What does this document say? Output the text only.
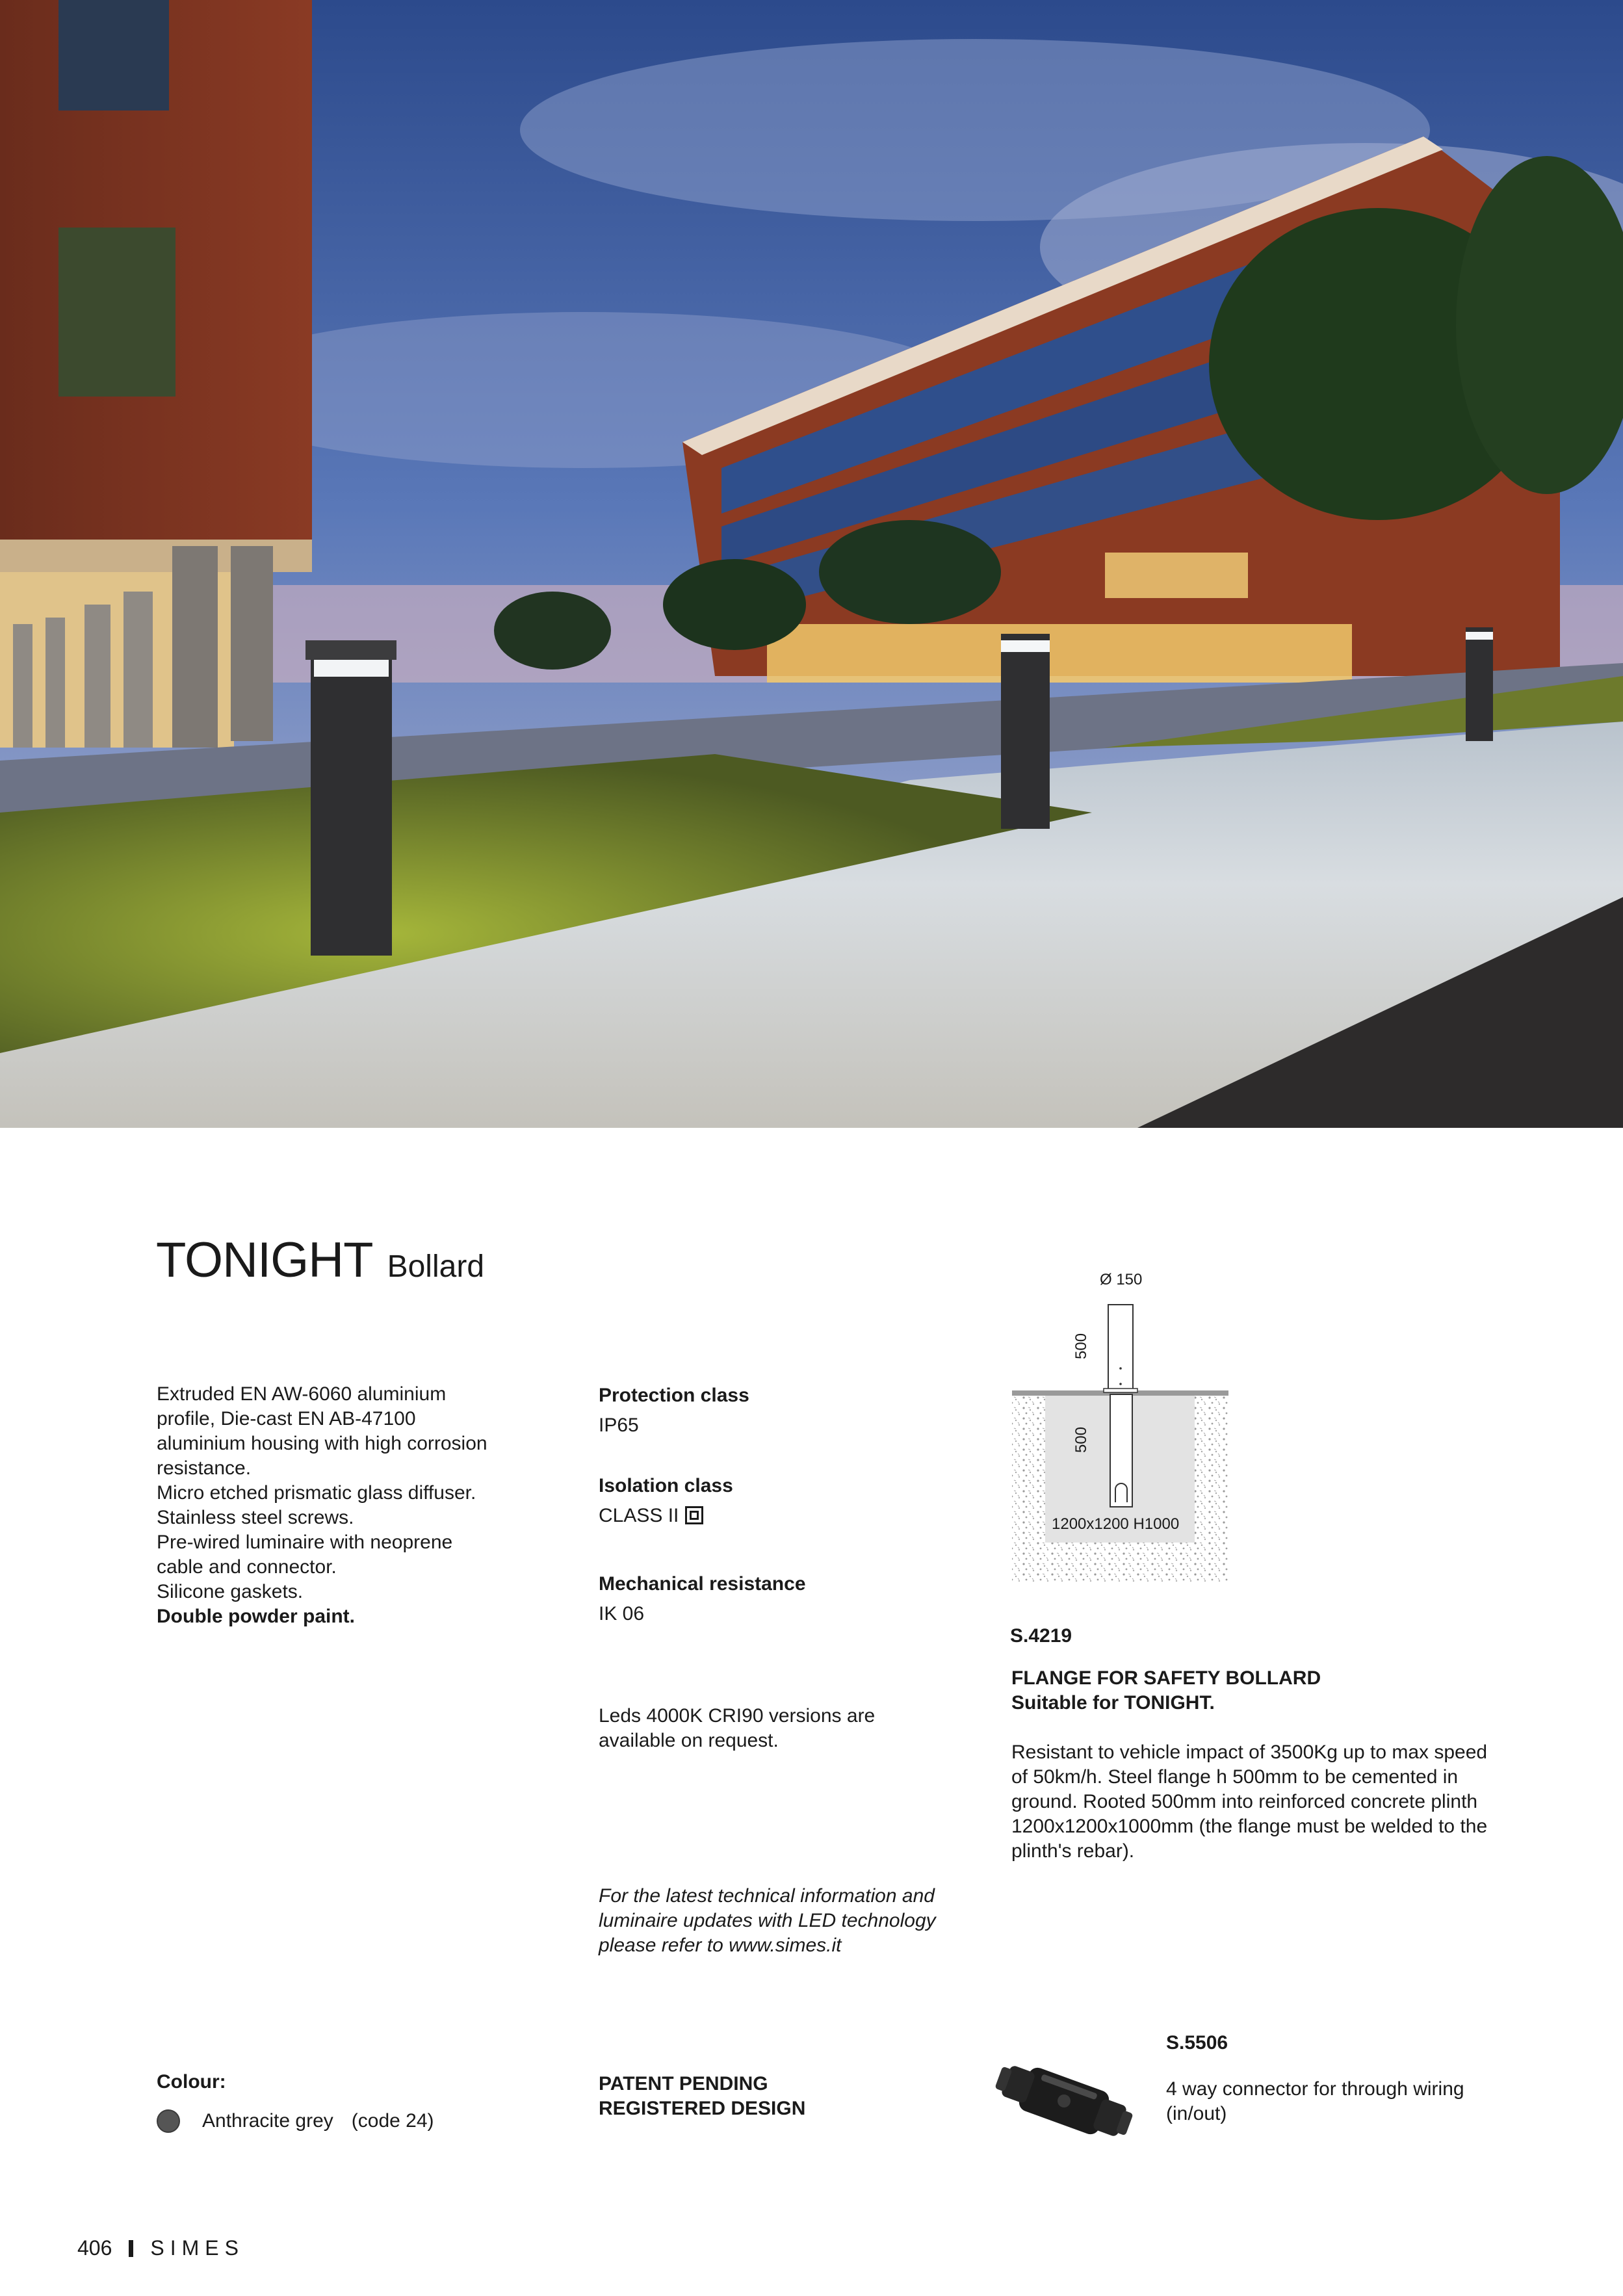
TONIGHT Bollard
Extruded EN AW-6060 aluminium
profile, Die-cast EN AB-47100
aluminium housing with high corrosion
resistance.
Micro etched prismatic glass diffuser.
Stainless steel screws.
Pre-wired luminaire with neoprene
cable and connector.
Silicone gaskets.
Double powder paint.
Protection class
IP65
Isolation class
CLASS II
Mechanical resistance
IK 06
Leds 4000K CRI90 versions are available on request.
For the latest technical information and luminaire updates with LED technology please refer to www.simes.it
PATENT PENDING
REGISTERED DESIGN
Ø 150
500
500
1200x1200 H1000
S.4219
FLANGE FOR SAFETY BOLLARD
Suitable for TONIGHT.
Resistant to vehicle impact of 3500Kg up to max speed of 50km/h. Steel flange h 500mm to be cemented in ground. Rooted 500mm into reinforced concrete plinth 1200x1200x1000mm (the flange must be welded to the plinth's rebar).
S.5506
4 way connector for through wiring (in/out)
Colour:
Anthracite grey (code 24)
406 SIMES
